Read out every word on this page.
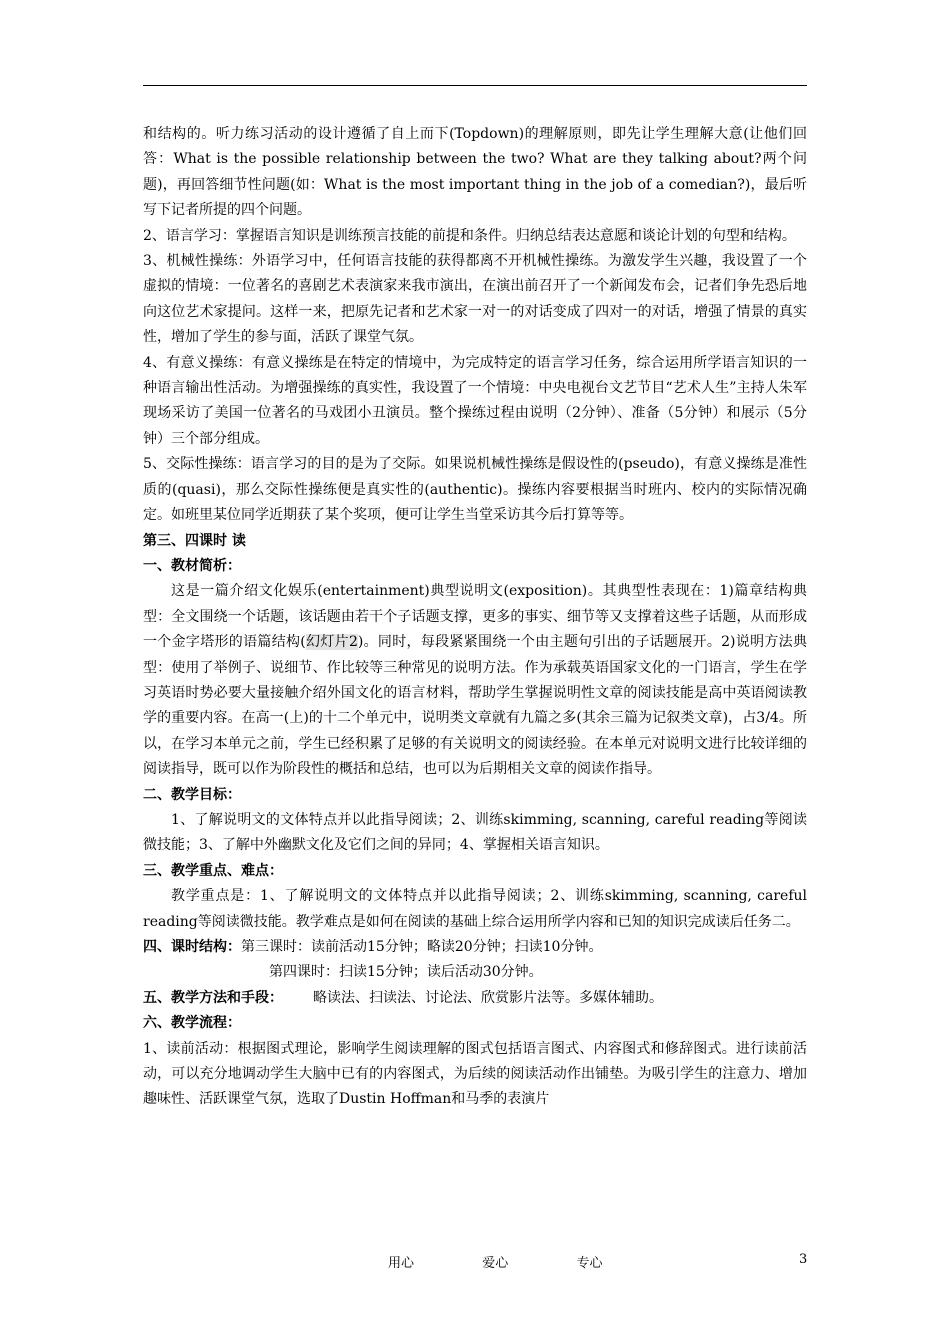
和结构的。听力练习活动的设计遵循了自上而下(Topdown)的理解原则，即先让学生理解大意(让他们回答：What is the possible relationship between the two? What are they talking about?两个问题)，再回答细节性问题(如：What is the most important thing in the job of a comedian?)，最后听写下记者所提的四个问题。

2、语言学习：掌握语言知识是训练预言技能的前提和条件。归纳总结表达意愿和谈论计划的句型和结构。

3、机械性操练：外语学习中，任何语言技能的获得都离不开机械性操练。为激发学生兴趣，我设置了一个虚拟的情境：一位著名的喜剧艺术表演家来我市演出，在演出前召开了一个新闻发布会，记者们争先恐后地向这位艺术家提问。这样一来，把原先记者和艺术家一对一的对话变成了四对一的对话，增强了情景的真实性，增加了学生的参与面，活跃了课堂气氛。

4、有意义操练：有意义操练是在特定的情境中，为完成特定的语言学习任务，综合运用所学语言知识的一种语言输出性活动。为增强操练的真实性，我设置了一个情境：中央电视台文艺节目“艺术人生”主持人朱军现场采访了美国一位著名的马戏团小丑演员。整个操练过程由说明（2分钟）、准备（5分钟）和展示（5分钟）三个部分组成。

5、交际性操练：语言学习的目的是为了交际。如果说机械性操练是假设性的(pseudo)，有意义操练是准性质的(quasi)，那么交际性操练便是真实性的(authentic)。操练内容要根据当时班内、校内的实际情况确定。如班里某位同学近期获了某个奖项，便可让学生当堂采访其今后打算等等。

第三、四课时 读

一、教材简析：

这是一篇介绍文化娱乐(entertainment)典型说明文(exposition)。其典型性表现在：1)篇章结构典型：全文围绕一个话题，该话题由若干个子话题支撑，更多的事实、细节等又支撑着这些子话题，从而形成一个金字塔形的语篇结构(幻灯片2)。同时，每段紧紧围绕一个由主题句引出的子话题展开。2)说明方法典型：使用了举例子、说细节、作比较等三种常见的说明方法。作为承载英语国家文化的一门语言，学生在学习英语时势必要大量接触介绍外国文化的语言材料，帮助学生掌握说明性文章的阅读技能是高中英语阅读教学的重要内容。在高一(上)的十二个单元中，说明类文章就有九篇之多(其余三篇为记叙类文章)，占3/4。所以，在学习本单元之前，学生已经积累了足够的有关说明文的阅读经验。在本单元对说明文进行比较详细的阅读指导，既可以作为阶段性的概括和总结，也可以为后期相关文章的阅读作指导。

二、教学目标：

1、了解说明文的文体特点并以此指导阅读；2、训练skimming, scanning, careful reading等阅读微技能；3、了解中外幽默文化及它们之间的异同；4、掌握相关语言知识。

三、教学重点、难点：

教学重点是：1、了解说明文的文体特点并以此指导阅读；2、训练skimming, scanning, careful reading等阅读微技能。教学难点是如何在阅读的基础上综合运用所学内容和已知的知识完成读后任务二。

四、课时结构：第三课时：读前活动15分钟；略读20分钟；扫读10分钟。

第四课时：扫读15分钟；读后活动30分钟。

五、教学方法和手段： 略读法、扫读法、讨论法、欣赏影片法等。多媒体辅助。

六、教学流程：

1、读前活动：根据图式理论，影响学生阅读理解的图式包括语言图式、内容图式和修辞图式。进行读前活动，可以充分地调动学生大脑中已有的内容图式，为后续的阅读活动作出铺垫。为吸引学生的注意力、增加趣味性、活跃课堂气氛，选取了Dustin Hoffman和马季的表演片

用心  爱心  专心	3
